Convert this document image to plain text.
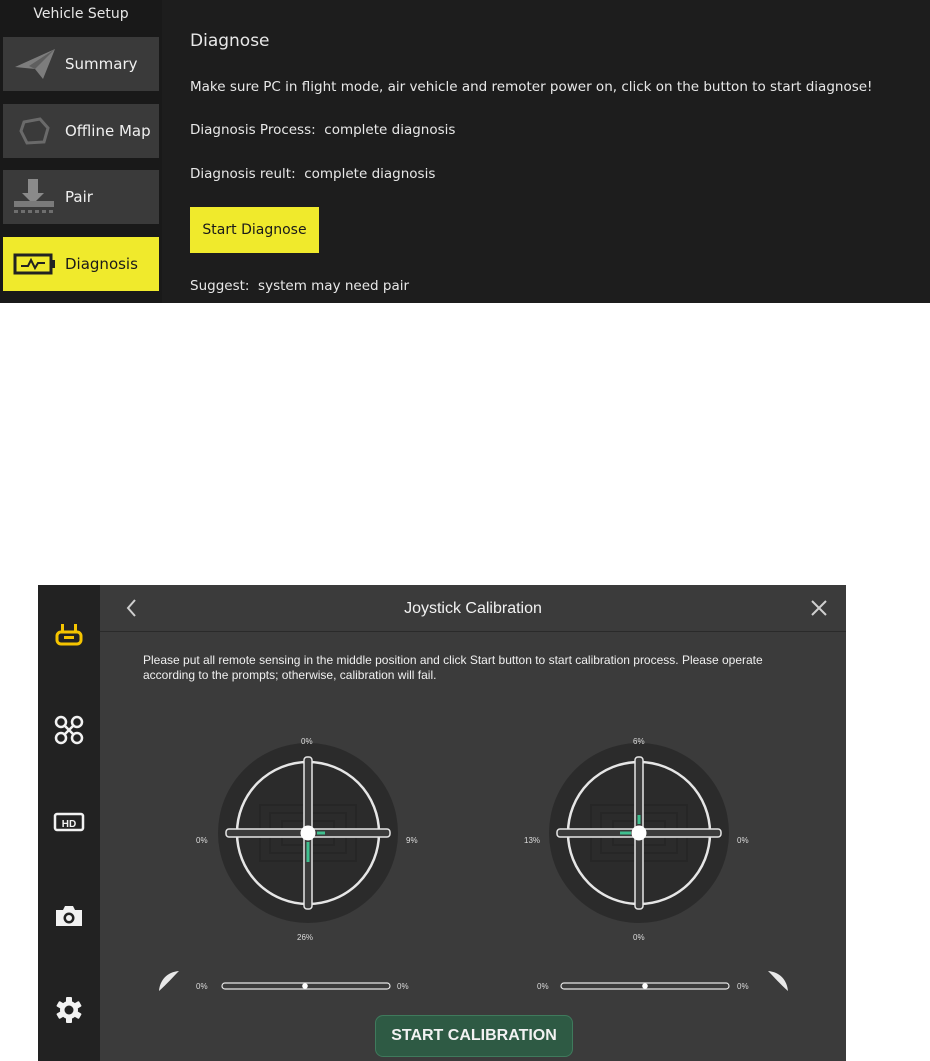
Vehicle Setup
Summary
Offline Map
Pair
Diagnosis
Diagnose
Make sure PC in flight mode, air vehicle and remoter power on, click on the button to start diagnose!
Diagnosis Process: complete diagnosis
Diagnosis reult: complete diagnosis
Start Diagnose
Suggest: system may need pair
HD
Joystick Calibration
Please put all remote sensing in the middle position and click Start button to start calibration process. Please operate according to the prompts; otherwise, calibration will fail.
0%
26%
0%	9%
6%
0%
13%	0%
0%	0%	0%	0%
START CALIBRATION
